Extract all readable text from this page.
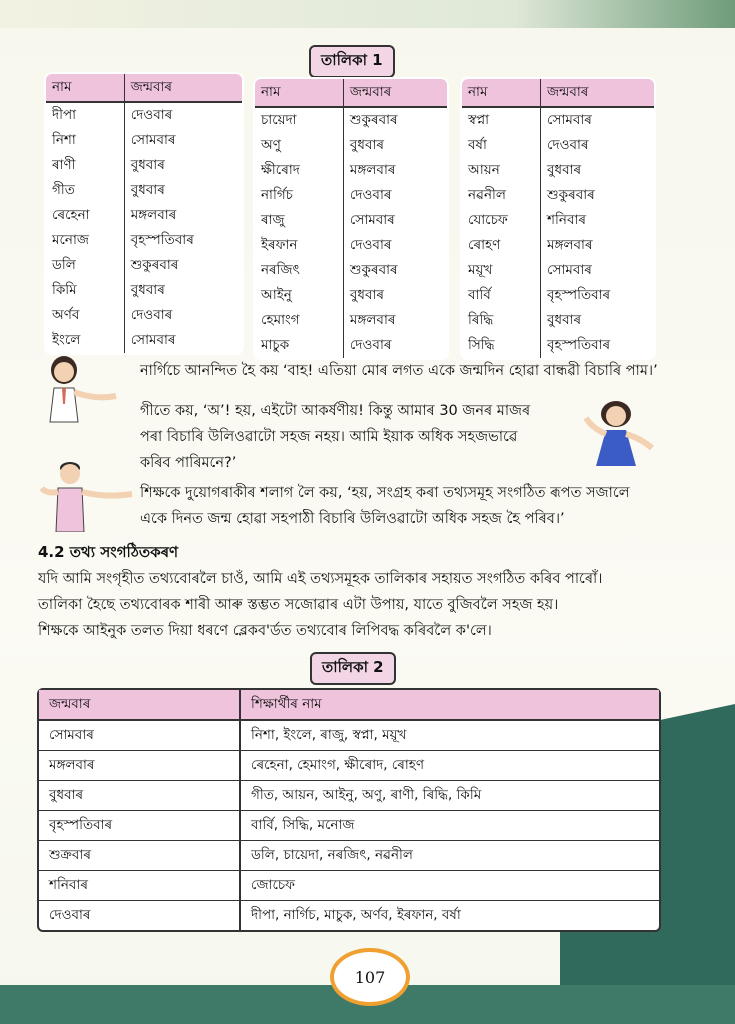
তালিকা 1
নাম	জন্মবাৰ
দীপা	দেওবাৰ
নিশা	সোমবাৰ
ৰাণী	বুধবাৰ
গীত	বুধবাৰ
ৰেহেনা	মঙ্গলবাৰ
মনোজ	বৃহস্পতিবাৰ
ডলি	শুকুৰবাৰ
কিমি	বুধবাৰ
অৰ্ণব	দেওবাৰ
ইংলে	সোমবাৰ
নাম	জন্মবাৰ
চায়েদা	শুকুৰবাৰ
অণু	বুধবাৰ
ক্ষীৰোদ	মঙ্গলবাৰ
নাৰ্গিচ	দেওবাৰ
ৰাজু	সোমবাৰ
ইৰফান	দেওবাৰ
নৰজিৎ	শুকুৰবাৰ
আইনু	বুধবাৰ
হেমাংগ	মঙ্গলবাৰ
মাচুক	দেওবাৰ
নাম	জন্মবাৰ
স্বপ্না	সোমবাৰ
বৰ্ষা	দেওবাৰ
আয়ন	বুধবাৰ
নৱনীল	শুকুৰবাৰ
যোচেফ	শনিবাৰ
ৰোহণ	মঙ্গলবাৰ
ময়ূখ	সোমবাৰ
বাৰ্বি	বৃহস্পতিবাৰ
ৰিদ্ধি	বুধবাৰ
সিদ্ধি	বৃহস্পতিবাৰ
নাৰ্গিচে আনন্দিত হৈ কয় ‘বাহ! এতিয়া মোৰ লগত একে জন্মদিন হোৱা বান্ধৱী বিচাৰি পাম।’
গীতে কয়, ‘অ’! হয়, এইটো আকৰ্ষণীয়! কিন্তু আমাৰ 30 জনৰ মাজৰ
পৰা বিচাৰি উলিওৱাটো সহজ নহয়। আমি ইয়াক অধিক সহজভাৱে
কৰিব পাৰিমনে?’
শিক্ষকে দুয়োগৰাকীৰ শলাগ লৈ কয়, ‘হয়, সংগ্ৰহ কৰা তথ্যসমূহ সংগঠিত ৰূপত সজালে
একে দিনত জন্ম হোৱা সহপাঠী বিচাৰি উলিওৱাটো অধিক সহজ হৈ পৰিব।’
4.2 তথ্য সংগঠিতকৰণ
যদি আমি সংগৃহীত তথ্যবোৰলৈ চাওঁ, আমি এই তথ্যসমূহক তালিকাৰ সহায়ত সংগঠিত কৰিব পাৰোঁ।
তালিকা হৈছে তথ্যবোৰক শাৰী আৰু স্তম্ভত সজোৱাৰ এটা উপায়, যাতে বুজিবলৈ সহজ হয়।
শিক্ষকে আইনুক তলত দিয়া ধৰণে ব্লেকব'ৰ্ডত তথ্যবোৰ লিপিবদ্ধ কৰিবলৈ ক'লে।
তালিকা 2
জন্মবাৰ	শিক্ষাৰ্থীৰ নাম
সোমবাৰ	নিশা, ইংলে, ৰাজু, স্বপ্না, ময়ূখ
মঙ্গলবাৰ	ৰেহেনা, হেমাংগ, ক্ষীৰোদ, ৰোহণ
বুধবাৰ	গীত, আয়ন, আইনু, অণু, ৰাণী, ৰিদ্ধি, কিমি
বৃহস্পতিবাৰ	বাৰ্বি, সিদ্ধি, মনোজ
শুক্ৰবাৰ	ডলি, চায়েদা, নৰজিৎ, নৱনীল
শনিবাৰ	জোচেফ
দেওবাৰ	দীপা, নাৰ্গিচ, মাচুক, অৰ্ণব, ইৰফান, বৰ্ষা
107
